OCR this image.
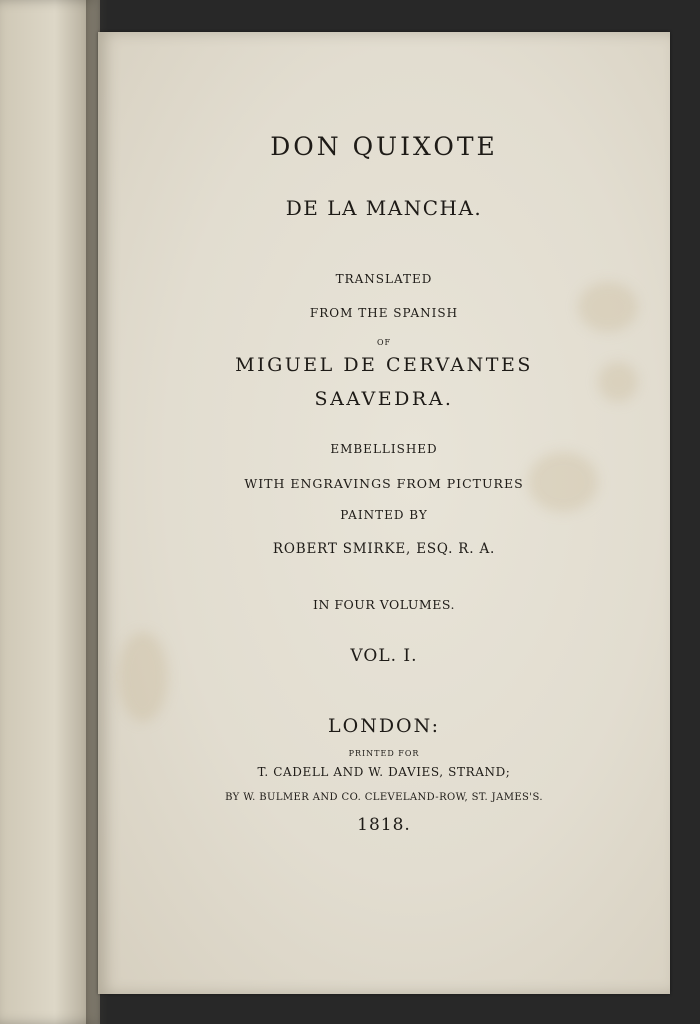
DON QUIXOTE
DE LA MANCHA.
TRANSLATED
FROM THE SPANISH
OF
MIGUEL DE CERVANTES
SAAVEDRA.
EMBELLISHED
WITH ENGRAVINGS FROM PICTURES
PAINTED BY
ROBERT SMIRKE, ESQ. R. A.
IN FOUR VOLUMES.
VOL. I.
LONDON:
PRINTED FOR
T. CADELL AND W. DAVIES, STRAND;
BY W. BULMER AND CO. CLEVELAND-ROW, ST. JAMES'S.
1818.
